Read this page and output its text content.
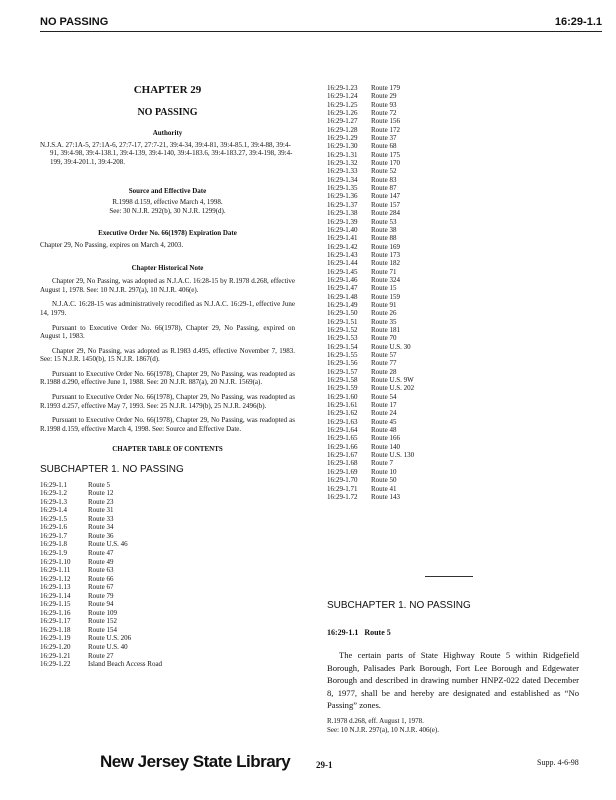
NO PASSING	16:29-1.1
CHAPTER 29
NO PASSING
Authority

N.J.S.A. 27:1A-5, 27:1A-6, 27:7-17, 27:7-21, 39:4-34, 39:4-81, 39:4-85.1, 39:4-88, 39:4-91, 39:4-98, 39:4-138.1, 39:4-139, 39:4-140, 39:4-183.6, 39:4-183.27, 39:4-198, 39:4-199, 39:4-201.1, 39:4-208.

Source and Effective Date

R.1998 d.159, effective March 4, 1998.

See: 30 N.J.R. 292(b), 30 N.J.R. 1299(d).

Executive Order No. 66(1978) Expiration Date

Chapter 29, No Passing, expires on March 4, 2003.

Chapter Historical Note

Chapter 29, No Passing, was adopted as N.J.A.C. 16:28-15 by R.1978 d.268, effective August 1, 1978. See: 10 N.J.R. 297(a), 10 N.J.R. 406(e).

N.J.A.C. 16:28-15 was administratively recodified as N.J.A.C. 16:29-1, effective June 14, 1979.

Pursuant to Executive Order No. 66(1978), Chapter 29, No Passing, expired on August 1, 1983.

Chapter 29, No Passing, was adopted as R.1983 d.495, effective November 7, 1983. See: 15 N.J.R. 1450(b), 15 N.J.R. 1867(d).

Pursuant to Executive Order No. 66(1978), Chapter 29, No Passing, was readopted as R.1988 d.290, effective June 1, 1988. See: 20 N.J.R. 887(a), 20 N.J.R. 1569(a).

Pursuant to Executive Order No. 66(1978), Chapter 29, No Passing, was readopted as R.1993 d.257, effective May 7, 1993. See: 25 N.J.R. 1479(b), 25 N.J.R. 2496(b).

Pursuant to Executive Order No. 66(1978), Chapter 29, No Passing, was readopted as R.1998 d.159, effective March 4, 1998. See: Source and Effective Date.

CHAPTER TABLE OF CONTENTS
SUBCHAPTER 1. NO PASSING
16:29-1.1	Route 5
16:29-1.2	Route 12
16:29-1.3	Route 23
16:29-1.4	Route 31
16:29-1.5	Route 33
16:29-1.6	Route 34
16:29-1.7	Route 36
16:29-1.8	Route U.S. 46
16:29-1.9	Route 47
16:29-1.10	Route 49
16:29-1.11	Route 63
16:29-1.12	Route 66
16:29-1.13	Route 67
16:29-1.14	Route 79
16:29-1.15	Route 94
16:29-1.16	Route 109
16:29-1.17	Route 152
16:29-1.18	Route 154
16:29-1.19	Route U.S. 206
16:29-1.20	Route U.S. 40
16:29-1.21	Route 27
16:29-1.22	Island Beach Access Road
16:29-1.23	Route 179
16:29-1.24	Route 29
16:29-1.25	Route 93
16:29-1.26	Route 72
16:29-1.27	Route 156
16:29-1.28	Route 172
16:29-1.29	Route 37
16:29-1.30	Route 68
16:29-1.31	Route 175
16:29-1.32	Route 170
16:29-1.33	Route 52
16:29-1.34	Route 83
16:29-1.35	Route 87
16:29-1.36	Route 147
16:29-1.37	Route 157
16:29-1.38	Route 284
16:29-1.39	Route 53
16:29-1.40	Route 38
16:29-1.41	Route 88
16:29-1.42	Route 169
16:29-1.43	Route 173
16:29-1.44	Route 182
16:29-1.45	Route 71
16:29-1.46	Route 324
16:29-1.47	Route 15
16:29-1.48	Route 159
16:29-1.49	Route 91
16:29-1.50	Route 26
16:29-1.51	Route 35
16:29-1.52	Route 181
16:29-1.53	Route 70
16:29-1.54	Route U.S. 30
16:29-1.55	Route 57
16:29-1.56	Route 77
16:29-1.57	Route 28
16:29-1.58	Route U.S. 9W
16:29-1.59	Route U.S. 202
16:29-1.60	Route 54
16:29-1.61	Route 17
16:29-1.62	Route 24
16:29-1.63	Route 45
16:29-1.64	Route 48
16:29-1.65	Route 166
16:29-1.66	Route 140
16:29-1.67	Route U.S. 130
16:29-1.68	Route 7
16:29-1.69	Route 10
16:29-1.70	Route 50
16:29-1.71	Route 41
16:29-1.72	Route 143
SUBCHAPTER 1. NO PASSING
16:29-1.1 Route 5

The certain parts of State Highway Route 5 within Ridgefield Borough, Palisades Park Borough, Fort Lee Borough and Edgewater Borough and described in drawing number HNPZ-022 dated December 8, 1977, shall be and hereby are designated and established as “No Passing” zones.

R.1978 d.268, eff. August 1, 1978.
See: 10 N.J.R. 297(a), 10 N.J.R. 406(e).
New Jersey State Library	29-1	Supp. 4-6-98
